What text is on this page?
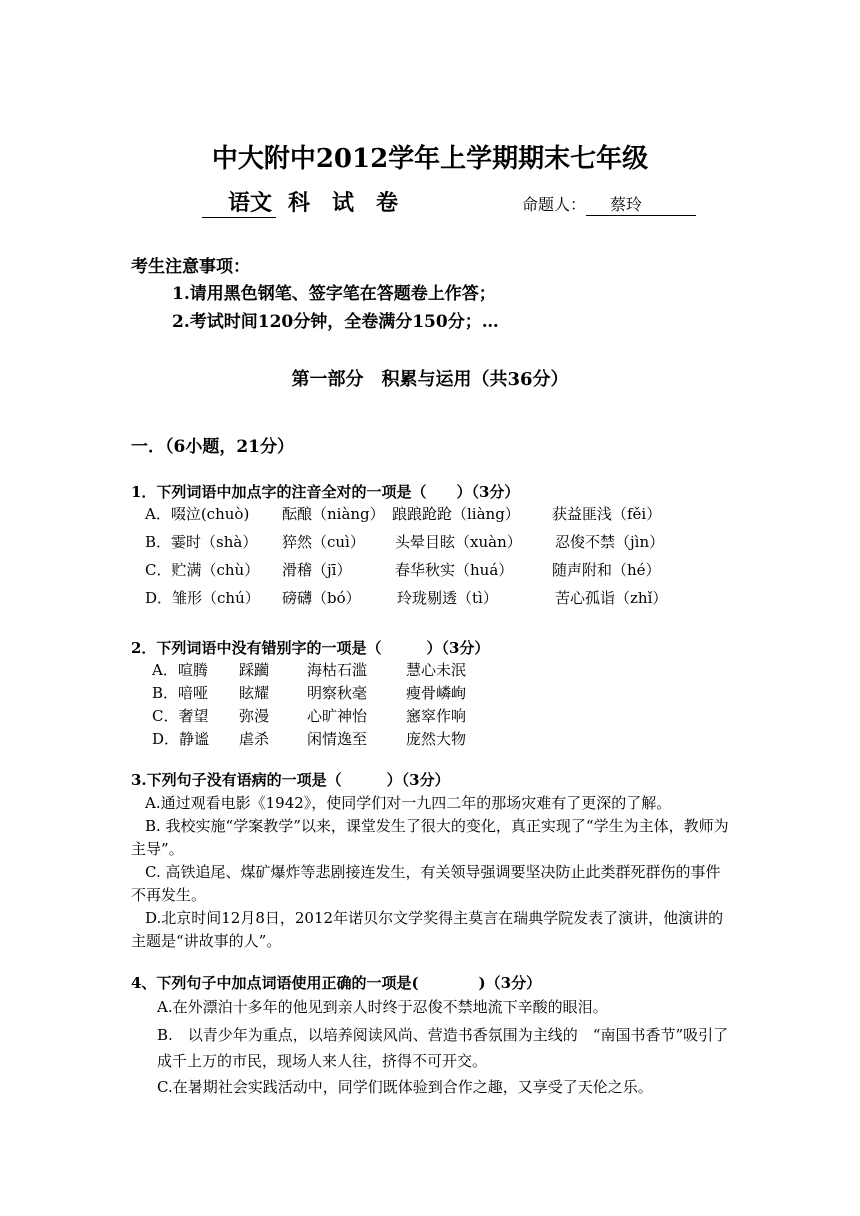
中大附中2012学年上学期期末七年级
语文 科　试　卷	命题人： 蔡玲
考生注意事项：
1.请用黑色钢笔、签字笔在答题卷上作答；
2.考试时间120分钟，全卷满分150分；…
第一部分　积累与运用（共36分）
一．（6小题，21分）
1．下列词语中加点字的注音全对的一项是（　　）（3分）
A．啜泣(chuò) 酝酿（niàng） 踉踉跄跄（liàng） 获益匪浅（fěi）
B．霎时（shà） 猝然（cuì） 头晕目眩（xuàn） 忍俊不禁（jìn）
C．贮满（chù） 滑稽（jī）	春华秋实（huá）	随声附和（hé）
D．雏形（chú） 磅礴（bó） 玲珑剔透（tì）	苦心孤诣（zhǐ）
2．下列词语中没有错别字的一项是（　　　）（3分）
A．喧腾 踩躏	海枯石滥	慧心未泯
B．喑哑 眩耀	明察秋毫	瘦骨嶙峋
C．奢望 弥漫	心旷神怡	窸窣作响
D．静谧 虐杀	闲情逸至	庞然大物
3.下列句子没有语病的一项是（　　　）（3分）
A.通过观看电影《1942》，使同学们对一九四二年的那场灾难有了更深的了解。
B. 我校实施“学案教学”以来，课堂发生了很大的变化，真正实现了“学生为主体，教师为主导”。
C. 高铁追尾、煤矿爆炸等悲剧接连发生，有关领导强调要坚决防止此类群死群伤的事件不再发生。
D.北京时间12月8日，2012年诺贝尔文学奖得主莫言在瑞典学院发表了演讲，他演讲的主题是“讲故事的人”。
4、下列句子中加点词语使用正确的一项是(　　　　)（3分）
A.在外漂泊十多年的他见到亲人时终于忍俊不禁地流下辛酸的眼泪。
B.　以青少年为重点，以培养阅读风尚、营造书香氛围为主线的　“南国书香节”吸引了成千上万的市民，现场人来人往，挤得不可开交。
C.在暑期社会实践活动中，同学们既体验到合作之趣，又享受了天伦之乐。
